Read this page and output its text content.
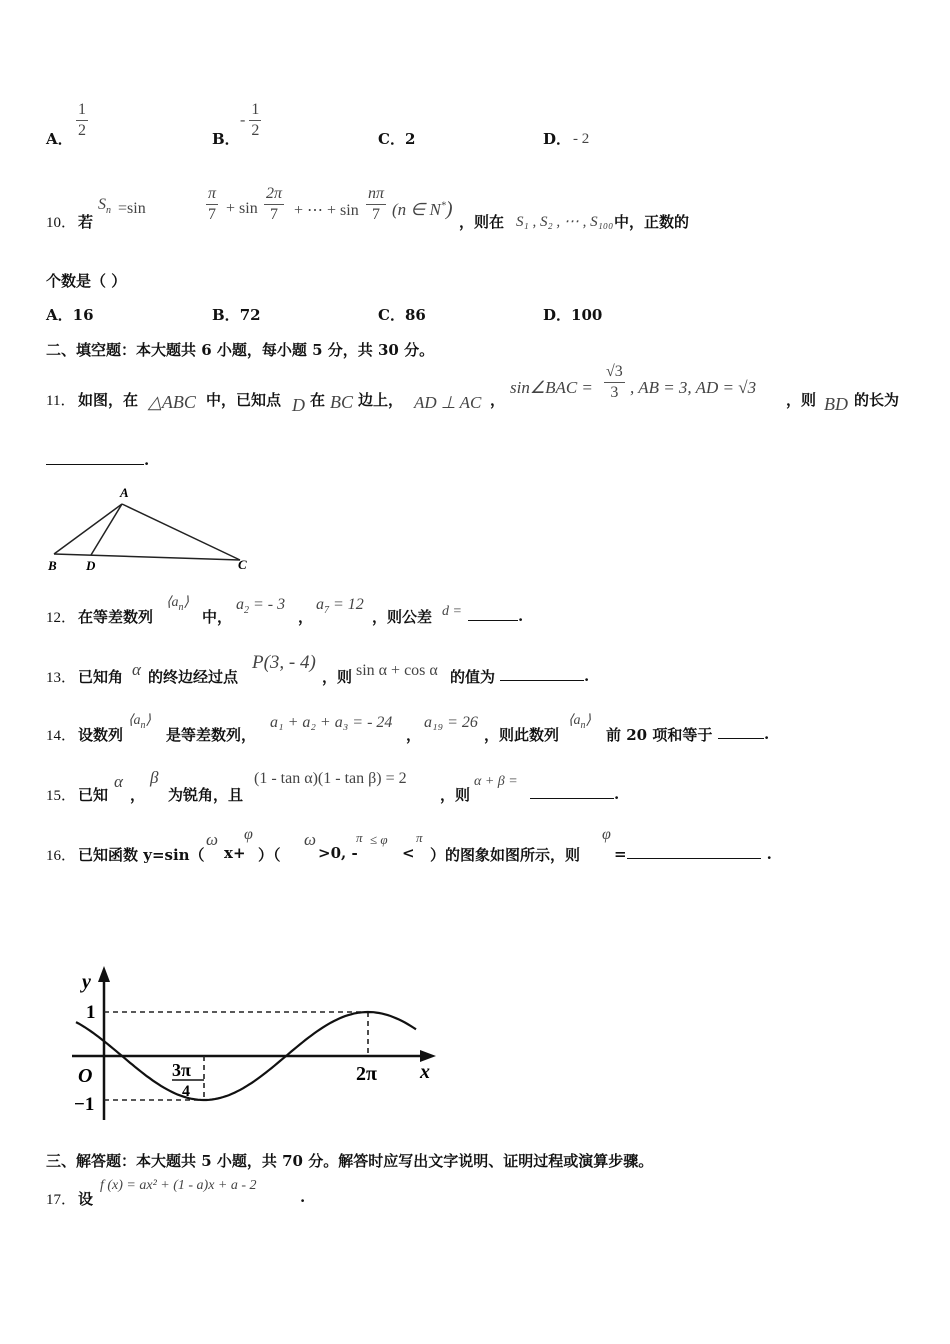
A． $\frac{1}{2}$	B．
- $\frac{1}{2}$	C．2	D． - 2
10． 若
$S_n =\sin$	$\frac{\pi}{7} + \sin \frac{2\pi}{7}$ + ⋯ + $\sin \frac{n\pi}{7} (n$ ∈ N*)
，则在 S₁ , S₂ , ⋯ , S₁₀₀ 中，正数的
个数是（ ）
A．16	B．72	C．86	D．100
二、填空题：本大题共 6 小题，每小题 5 分，共 30 分。
11． 如图，在 △ABC 中，已知点 D 在 BC 边上， AD ⊥ AC ，
sin∠BAC = $\frac{√3}{3}$ , AB = 3, AD = √3
，则 BD 的长为
.
A
B D	C
12． 在等差数列
$⟨a_n⟩$
中，
$a_2$ = - 3
，
$a_7 = 12$
，则公差 d =	.
13． 已知角 α 的终边经过点
P(3, - 4)
，则 sin α + cos α 的值为	.
14． 设数列
$⟨a_n⟩$
是等差数列，
a₁ + a₂ + a₃ = - 24
，
a₁₉ = 26
，则此数列
$⟨a_n⟩$
前 20 项和等于	.
15． 已知
α
，
β
为锐角，且
(1 - tan α)(1 - tan β) = 2
，则
α + β =
.
16． 已知函数 y=sin（
ω
x+
φ
）（
ω
>0, -
π ≤ φ
<
π
）的图象如图所示，则
φ
=	.
y
x
1
−1
O	3π
4
2π
三、解答题：本大题共 5 小题，共 70 分。解答时应写出文字说明、证明过程或演算步骤。
17． 设
f (x) = ax² + (1 - a)x + a - 2
.
